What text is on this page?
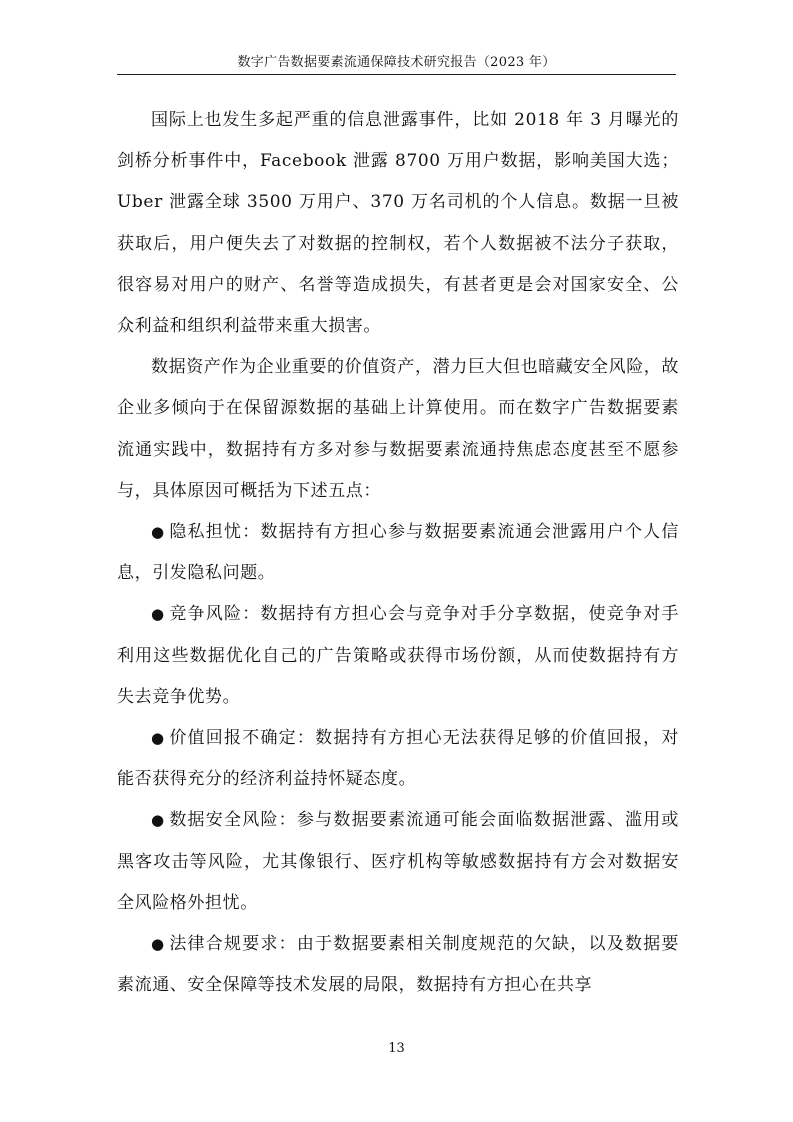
数字广告数据要素流通保障技术研究报告（2023 年）

国际上也发生多起严重的信息泄露事件，比如 2018 年 3 月曝光的剑桥分析事件中，Facebook 泄露 8700 万用户数据，影响美国大选；Uber 泄露全球 3500 万用户、370 万名司机的个人信息。数据一旦被获取后，用户便失去了对数据的控制权，若个人数据被不法分子获取，很容易对用户的财产、名誉等造成损失，有甚者更是会对国家安全、公众利益和组织利益带来重大损害。

数据资产作为企业重要的价值资产，潜力巨大但也暗藏安全风险，故企业多倾向于在保留源数据的基础上计算使用。而在数字广告数据要素流通实践中，数据持有方多对参与数据要素流通持焦虑态度甚至不愿参与，具体原因可概括为下述五点：

● 隐私担忧：数据持有方担心参与数据要素流通会泄露用户个人信息，引发隐私问题。

● 竞争风险：数据持有方担心会与竞争对手分享数据，使竞争对手利用这些数据优化自己的广告策略或获得市场份额，从而使数据持有方失去竞争优势。

● 价值回报不确定：数据持有方担心无法获得足够的价值回报，对能否获得充分的经济利益持怀疑态度。

● 数据安全风险：参与数据要素流通可能会面临数据泄露、滥用或黑客攻击等风险，尤其像银行、医疗机构等敏感数据持有方会对数据安全风险格外担忧。

● 法律合规要求：由于数据要素相关制度规范的欠缺，以及数据要素流通、安全保障等技术发展的局限，数据持有方担心在共享

13
